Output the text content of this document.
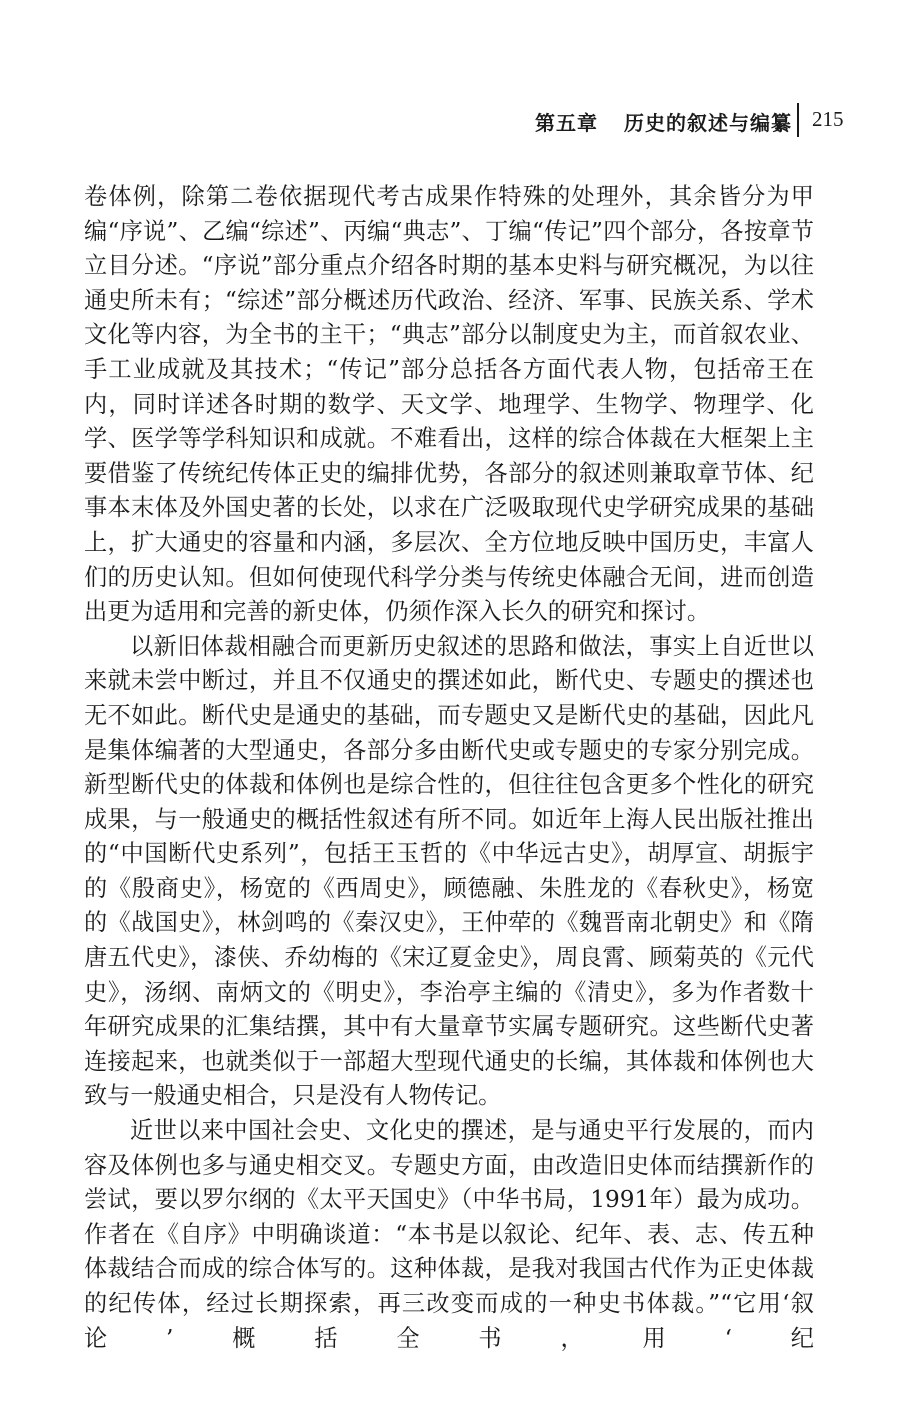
第五章 历史的叙述与编纂 215

卷体例，除第二卷依据现代考古成果作特殊的处理外，其余皆分为甲编“序说”、乙编“综述”、丙编“典志”、丁编“传记”四个部分，各按章节立目分述。“序说”部分重点介绍各时期的基本史料与研究概况，为以往通史所未有；“综述”部分概述历代政治、经济、军事、民族关系、学术文化等内容，为全书的主干；“典志”部分以制度史为主，而首叙农业、手工业成就及其技术；“传记”部分总括各方面代表人物，包括帝王在内，同时详述各时期的数学、天文学、地理学、生物学、物理学、化学、医学等学科知识和成就。不难看出，这样的综合体裁在大框架上主要借鉴了传统纪传体正史的编排优势，各部分的叙述则兼取章节体、纪事本末体及外国史著的长处，以求在广泛吸取现代史学研究成果的基础上，扩大通史的容量和内涵，多层次、全方位地反映中国历史，丰富人们的历史认知。但如何使现代科学分类与传统史体融合无间，进而创造出更为适用和完善的新史体，仍须作深入长久的研究和探讨。

以新旧体裁相融合而更新历史叙述的思路和做法，事实上自近世以来就未尝中断过，并且不仅通史的撰述如此，断代史、专题史的撰述也无不如此。断代史是通史的基础，而专题史又是断代史的基础，因此凡是集体编著的大型通史，各部分多由断代史或专题史的专家分别完成。新型断代史的体裁和体例也是综合性的，但往往包含更多个性化的研究成果，与一般通史的概括性叙述有所不同。如近年上海人民出版社推出的“中国断代史系列”，包括王玉哲的《中华远古史》，胡厚宣、胡振宇的《殷商史》，杨宽的《西周史》，顾德融、朱胜龙的《春秋史》，杨宽的《战国史》，林剑鸣的《秦汉史》，王仲荦的《魏晋南北朝史》和《隋唐五代史》，漆侠、乔幼梅的《宋辽夏金史》，周良霄、顾菊英的《元代史》，汤纲、南炳文的《明史》，李治亭主编的《清史》，多为作者数十年研究成果的汇集结撰，其中有大量章节实属专题研究。这些断代史著连接起来，也就类似于一部超大型现代通史的长编，其体裁和体例也大致与一般通史相合，只是没有人物传记。

近世以来中国社会史、文化史的撰述，是与通史平行发展的，而内容及体例也多与通史相交叉。专题史方面，由改造旧史体而结撰新作的尝试，要以罗尔纲的《太平天国史》（中华书局，1991年）最为成功。作者在《自序》中明确谈道：“本书是以叙论、纪年、表、志、传五种体裁结合而成的综合体写的。这种体裁，是我对我国古代作为正史体裁的纪传体，经过长期探索，再三改变而成的一种史书体裁。”“它用‘叙论’概括全书，用‘纪
